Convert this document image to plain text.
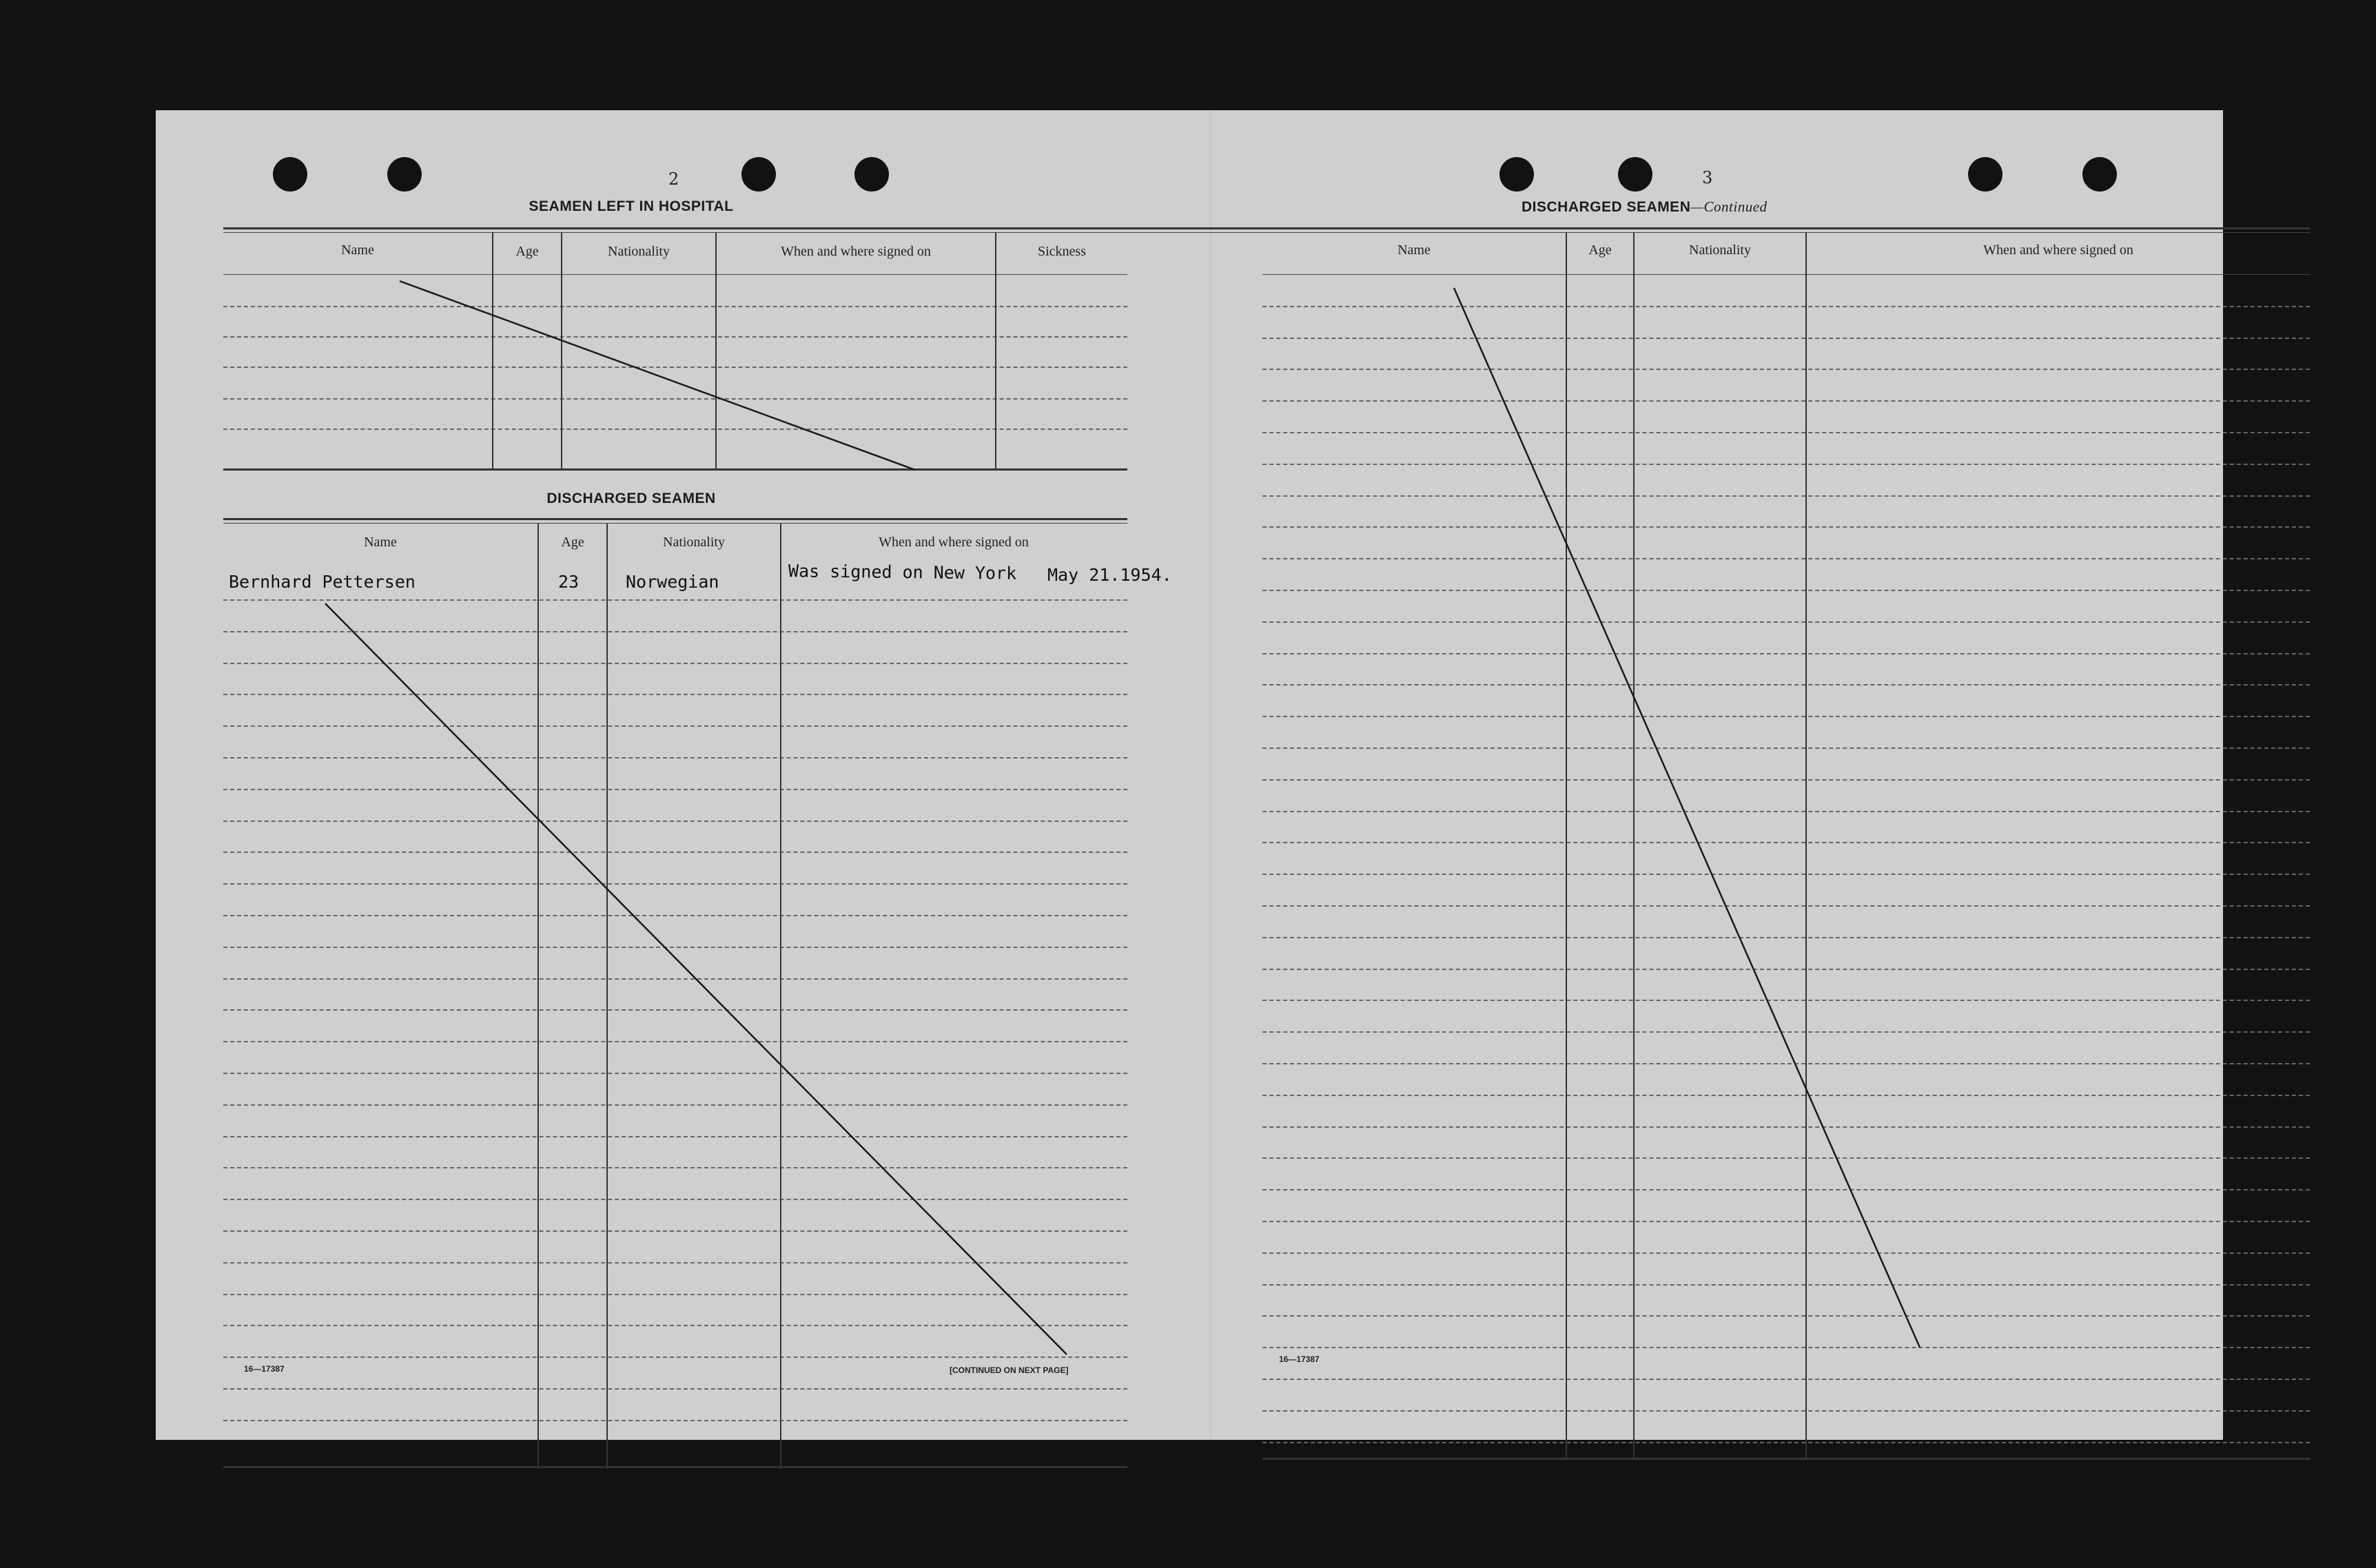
2
SEAMEN LEFT IN HOSPITAL
Name	Age	Nationality	When and where signed on	Sickness
DISCHARGED SEAMEN
Name	Age	Nationality	When and where signed on
Bernhard Pettersen	23	Norwegian	Was signed on New York May 21.1954.
16—17387	[CONTINUED ON NEXT PAGE]
3
DISCHARGED SEAMEN—Continued
Name	Age	Nationality	When and where signed on
16—17387
